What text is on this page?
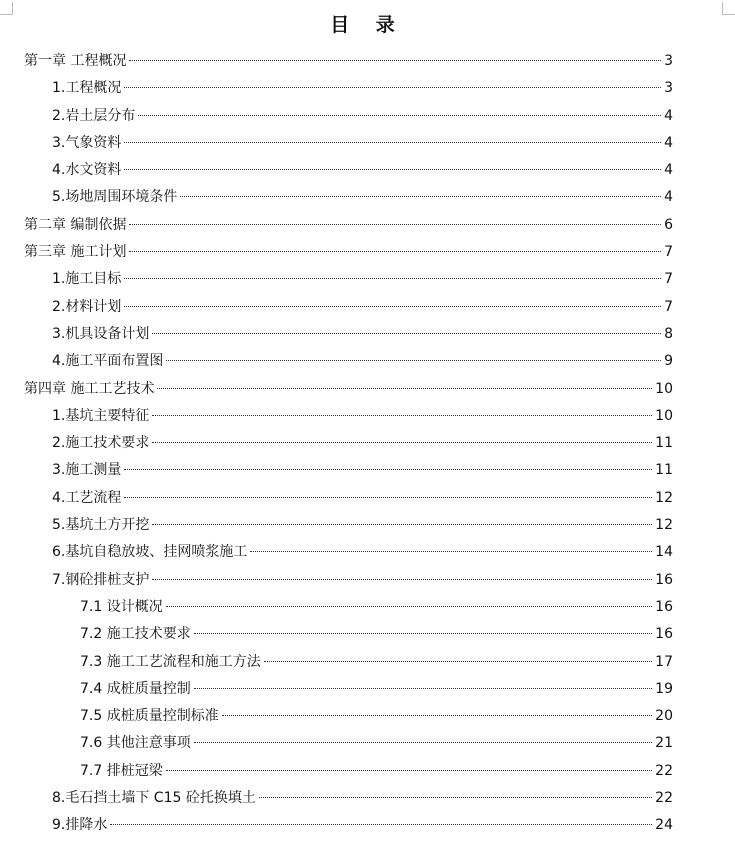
目 录
第一章 工程概况	3
1.工程概况	3
2.岩土层分布	4
3.气象资料	4
4.水文资料	4
5.场地周围环境条件	4
第二章 编制依据	6
第三章 施工计划	7
1.施工目标	7
2.材料计划	7
3.机具设备计划	8
4.施工平面布置图	9
第四章 施工工艺技术	10
1.基坑主要特征	10
2.施工技术要求	11
3.施工测量	11
4.工艺流程	12
5.基坑土方开挖	12
6.基坑自稳放坡、挂网喷浆施工	14
7.钢砼排桩支护	16
7.1 设计概况	16
7.2 施工技术要求	16
7.3 施工工艺流程和施工方法	17
7.4 成桩质量控制	19
7.5 成桩质量控制标准	20
7.6 其他注意事项	21
7.7 排桩冠梁	22
8.毛石挡土墙下 C15 砼托换填土	22
9.排降水	24
